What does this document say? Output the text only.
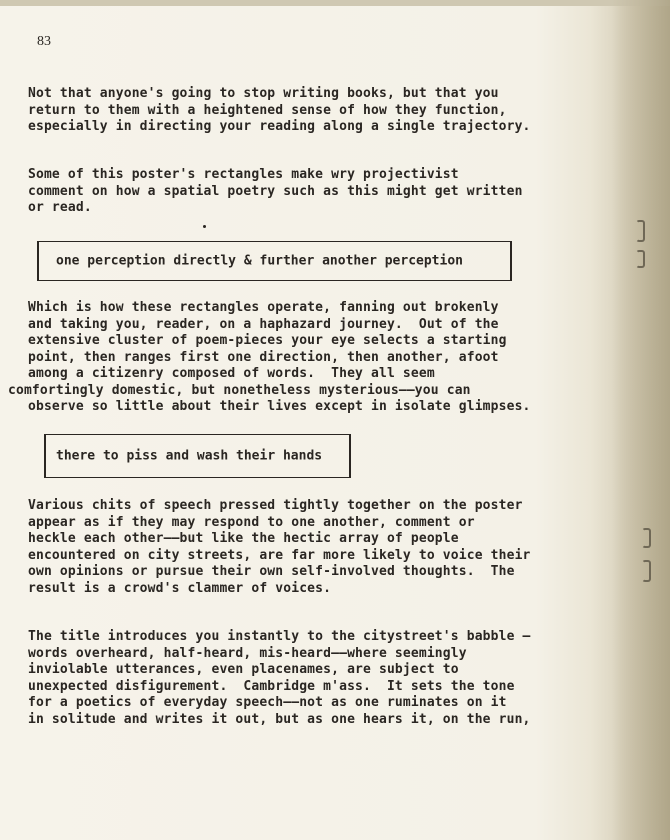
83
Not that anyone's going to stop writing books, but that you
return to them with a heightened sense of how they function,
especially in directing your reading along a single trajectory.
Some of this poster's rectangles make wry projectivist
comment on how a spatial poetry such as this might get written
or read.
one perception directly & further another perception
Which is how these rectangles operate, fanning out brokenly
and taking you, reader, on a haphazard journey.  Out of the
extensive cluster of poem-pieces your eye selects a starting
point, then ranges first one direction, then another, afoot
among a citizenry composed of words.  They all seem
comfortingly domestic, but nonetheless mysterious——you can
observe so little about their lives except in isolate glimpses.
there to piss and wash their hands
Various chits of speech pressed tightly together on the poster
appear as if they may respond to one another, comment or
heckle each other——but like the hectic array of people
encountered on city streets, are far more likely to voice their
own opinions or pursue their own self-involved thoughts.  The
result is a crowd's clammer of voices.
The title introduces you instantly to the citystreet's babble —
words overheard, half-heard, mis-heard——where seemingly
inviolable utterances, even placenames, are subject to
unexpected disfigurement.  Cambridge m'ass.  It sets the tone
for a poetics of everyday speech——not as one ruminates on it
in solitude and writes it out, but as one hears it, on the run,
